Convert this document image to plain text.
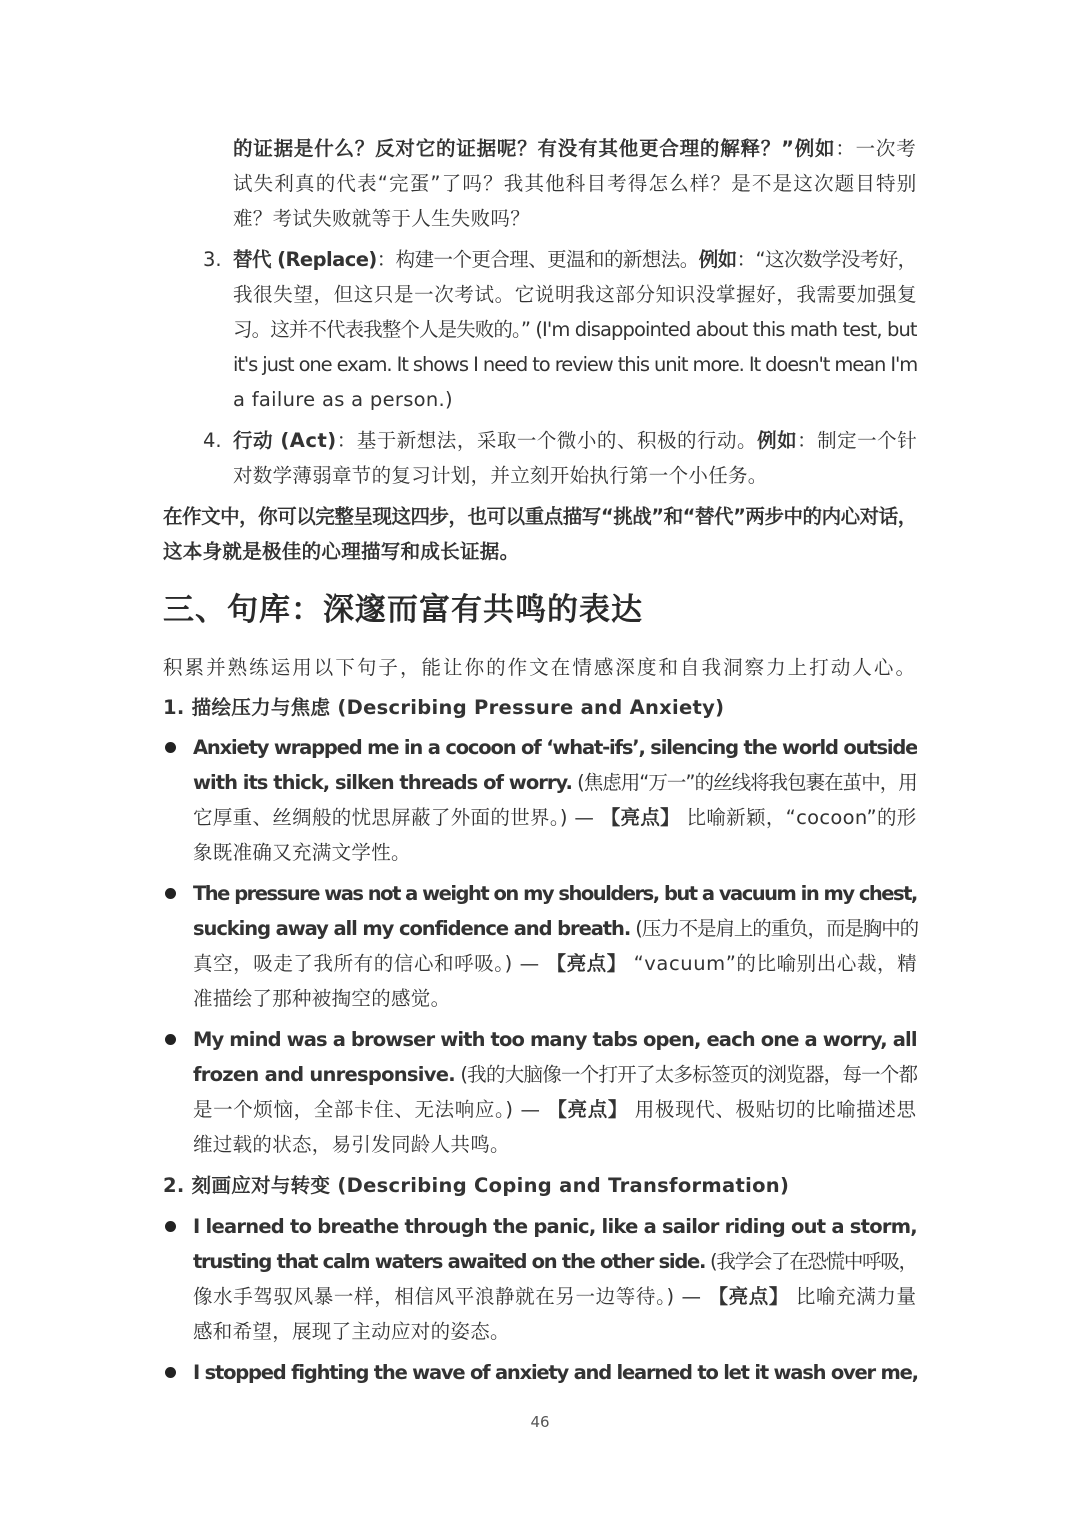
的证据是什么？反对它的证据呢？有没有其他更合理的解释？”例如：一次考
试失利真的代表“完蛋”了吗？我其他科目考得怎么样？是不是这次题目特别
难？考试失败就等于人生失败吗？
3. 替代 (Replace)：构建一个更合理、更温和的新想法。例如：“这次数学没考好，
我很失望，但这只是一次考试。它说明我这部分知识没掌握好，我需要加强复
习。这并不代表我整个人是失败的。” (I'm disappointed about this math test, but
it's just one exam. It shows I need to review this unit more. It doesn't mean I'm
a failure as a person.)
4. 行动 (Act)：基于新想法，采取一个微小的、积极的行动。例如：制定一个针
对数学薄弱章节的复习计划，并立刻开始执行第一个小任务。
在作文中，你可以完整呈现这四步，也可以重点描写“挑战”和“替代”两步中的内心对话，
这本身就是极佳的心理描写和成长证据。
三、句库：深邃而富有共鸣的表达
积累并熟练运用以下句子，能让你的作文在情感深度和自我洞察力上打动人心。
1. 描绘压力与焦虑 (Describing Pressure and Anxiety)
Anxiety wrapped me in a cocoon of ‘what-ifs’, silencing the world outside
with its thick, silken threads of worry. (焦虑用“万一”的丝线将我包裹在茧中，用
它厚重、丝绸般的忧思屏蔽了外面的世界。) — 【亮点】 比喻新颖，“cocoon”的形
象既准确又充满文学性。
The pressure was not a weight on my shoulders, but a vacuum in my chest,
sucking away all my confidence and breath. (压力不是肩上的重负，而是胸中的
真空，吸走了我所有的信心和呼吸。) — 【亮点】 “vacuum”的比喻别出心裁，精
准描绘了那种被掏空的感觉。
My mind was a browser with too many tabs open, each one a worry, all
frozen and unresponsive. (我的大脑像一个打开了太多标签页的浏览器，每一个都
是一个烦恼，全部卡住、无法响应。) — 【亮点】 用极现代、极贴切的比喻描述思
维过载的状态，易引发同龄人共鸣。
2. 刻画应对与转变 (Describing Coping and Transformation)
I learned to breathe through the panic, like a sailor riding out a storm,
trusting that calm waters awaited on the other side. (我学会了在恐慌中呼吸，
像水手驾驭风暴一样，相信风平浪静就在另一边等待。) — 【亮点】 比喻充满力量
感和希望，展现了主动应对的姿态。
I stopped fighting the wave of anxiety and learned to let it wash over me,
46
